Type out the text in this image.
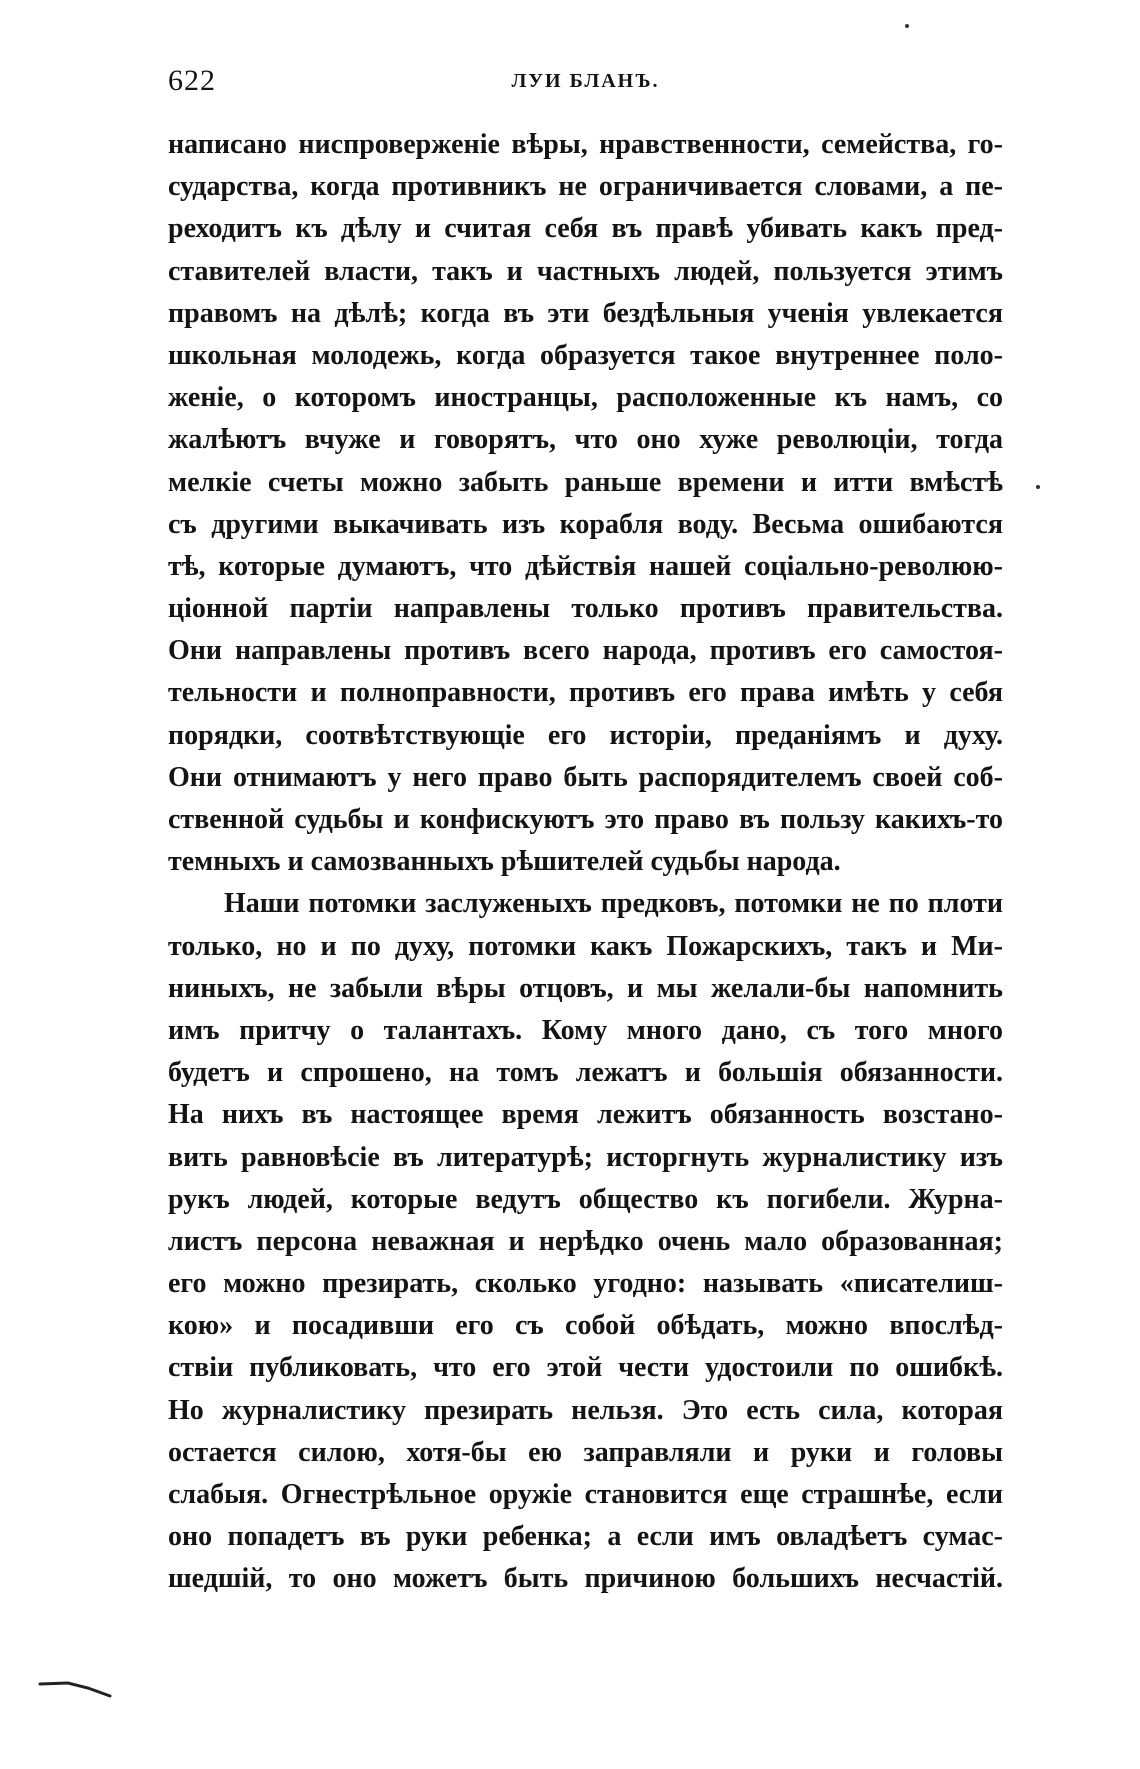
622	ЛУИ БЛАНЪ.
написано ниспроверженіе вѣры, нравственности, семейства, го-
сударства, когда противникъ не ограничивается словами, а пе-
реходитъ къ дѣлу и считая себя въ правѣ убивать какъ пред-
ставителей власти, такъ и частныхъ людей, пользуется этимъ
правомъ на дѣлѣ; когда въ эти бездѣльныя ученія увлекается
школьная молодежь, когда образуется такое внутреннее поло-
женіе, о которомъ иностранцы, расположенные къ намъ, со
жалѣютъ вчуже и говорятъ, что оно хуже революціи, тогда
мелкіе счеты можно забыть раньше времени и итти вмѣстѣ
съ другими выкачивать изъ корабля воду. Весьма ошибаются
тѣ, которые думаютъ, что дѣйствія нашей соціально-революю-
ціонной партіи направлены только противъ правительства.
Они направлены противъ всего народа, противъ его самостоя-
тельности и полноправности, противъ его права имѣть у себя
порядки, соотвѣтствующіе его исторіи, преданіямъ и духу.
Они отнимаютъ у него право быть распорядителемъ своей соб-
ственной судьбы и конфискуютъ это право въ пользу какихъ-то
темныхъ и самозванныхъ рѣшителей судьбы народа.
Наши потомки заслуженыхъ предковъ, потомки не по плоти
только, но и по духу, потомки какъ Пожарскихъ, такъ и Ми-
ниныхъ, не забыли вѣры отцовъ, и мы желали-бы напомнить
имъ притчу о талантахъ. Кому много дано, съ того много
будетъ и спрошено, на томъ лежатъ и большія обязанности.
На нихъ въ настоящее время лежитъ обязанность возстано-
вить равновѣсіе въ литературѣ; исторгнуть журналистику изъ
рукъ людей, которые ведутъ общество къ погибели. Журна-
листъ персона неважная и нерѣдко очень мало образованная;
его можно презирать, сколько угодно: называть «писателиш-
кою» и посадивши его съ собой обѣдать, можно впослѣд-
ствіи публиковать, что его этой чести удостоили по ошибкѣ.
Но журналистику презирать нельзя. Это есть сила, которая
остается силою, хотя-бы ею заправляли и руки и головы
слабыя. Огнестрѣльное оружіе становится еще страшнѣе, если
оно попадетъ въ руки ребенка; а если имъ овладѣетъ сумас-
шедшій, то оно можетъ быть причиною большихъ несчастій.
